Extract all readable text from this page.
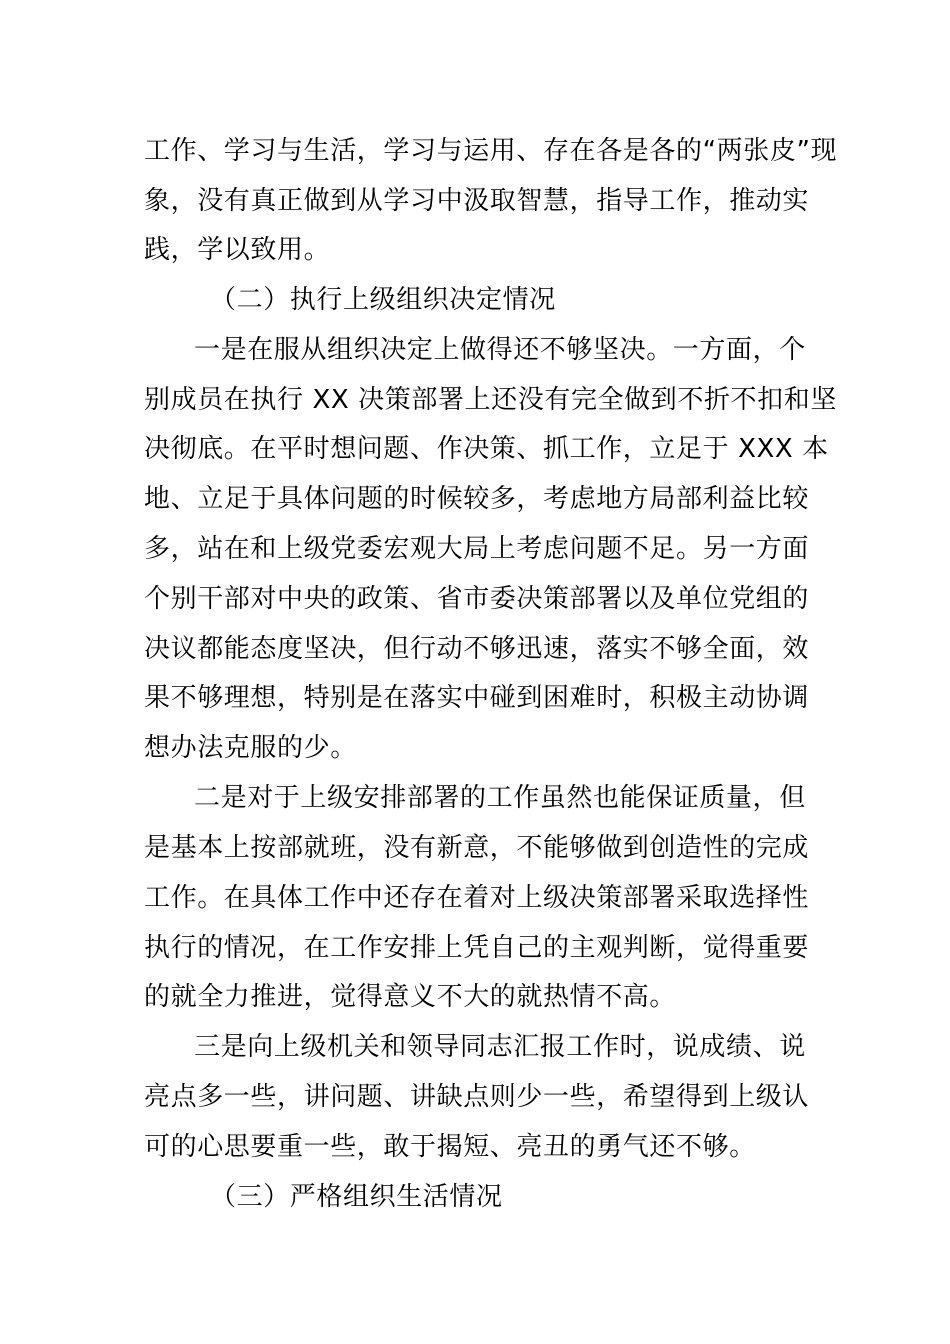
工作、学习与生活，学习与运用、存在各是各的“两张皮”现
象，没有真正做到从学习中汲取智慧，指导工作，推动实
践，学以致用。
（二）执行上级组织决定情况
一是在服从组织决定上做得还不够坚决。一方面，个
别成员在执行 XX 决策部署上还没有完全做到不折不扣和坚
决彻底。在平时想问题、作决策、抓工作，立足于 XXX 本
地、立足于具体问题的时候较多，考虑地方局部利益比较
多，站在和上级党委宏观大局上考虑问题不足。另一方面
个别干部对中央的政策、省市委决策部署以及单位党组的
决议都能态度坚决，但行动不够迅速，落实不够全面，效
果不够理想，特别是在落实中碰到困难时，积极主动协调
想办法克服的少。
二是对于上级安排部署的工作虽然也能保证质量，但
是基本上按部就班，没有新意，不能够做到创造性的完成
工作。在具体工作中还存在着对上级决策部署采取选择性
执行的情况，在工作安排上凭自己的主观判断，觉得重要
的就全力推进，觉得意义不大的就热情不高。
三是向上级机关和领导同志汇报工作时，说成绩、说
亮点多一些，讲问题、讲缺点则少一些，希望得到上级认
可的心思要重一些，敢于揭短、亮丑的勇气还不够。
（三）严格组织生活情况
